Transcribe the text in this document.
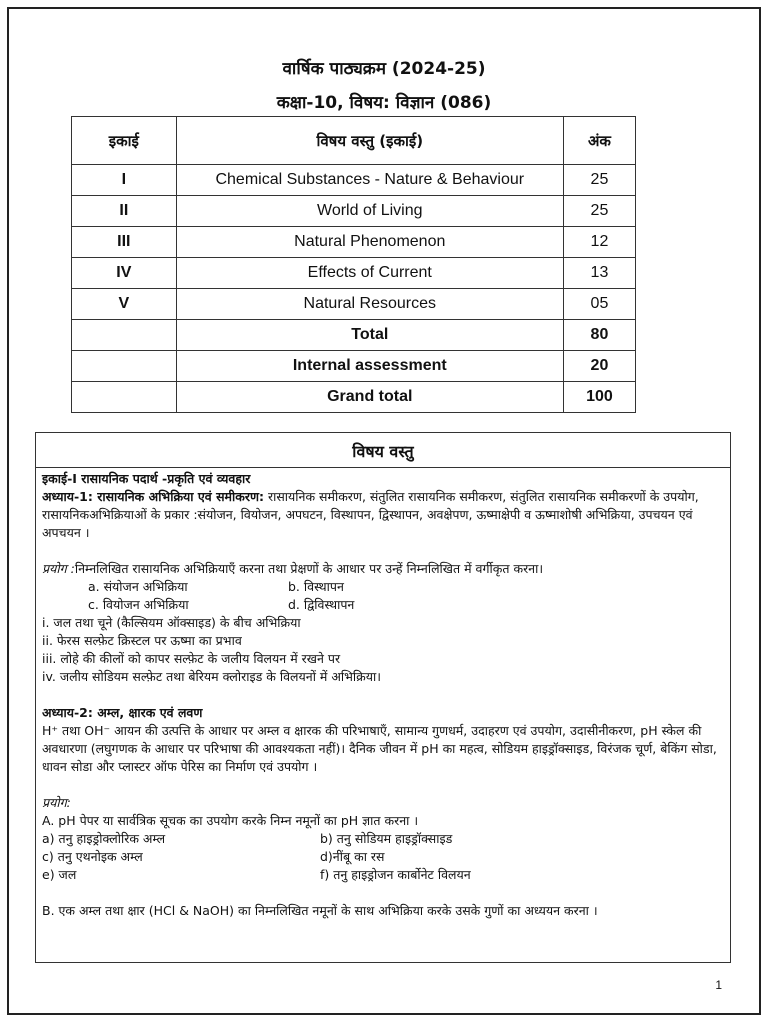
वार्षिक पाठ्यक्रम (2024-25)
कक्षा-10, विषय: विज्ञान (086)
इकाई	विषय वस्तु (इकाई)	अंक
I	Chemical Substances - Nature & Behaviour	25
II	World of Living	25
III	Natural Phenomenon	12
IV	Effects of Current	13
V	Natural Resources	05
	Total	80
	Internal assessment	20
	Grand total	100
विषय वस्तु

इकाई-I रासायनिक पदार्थ -प्रकृति एवं व्यवहार

अध्याय-1: रासायनिक अभिक्रिया एवं समीकरण: रासायनिक समीकरण, संतुलित रासायनिक समीकरण, संतुलित रासायनिक समीकरणों के उपयोग, रासायनिकअभिक्रियाओं के प्रकार :संयोजन, वियोजन, अपघटन, विस्थापन, द्विस्थापन, अवक्षेपण, ऊष्माक्षेपी व ऊष्माशोषी अभिक्रिया, उपचयन एवं अपचयन ।

प्रयोग :निम्नलिखित रासायनिक अभिक्रियाएँ करना तथा प्रेक्षणों के आधार पर उन्हें निम्नलिखित में वर्गीकृत करना।

a. संयोजन अभिक्रिया	b. विस्थापन
c. वियोजन अभिक्रिया	d. द्विविस्थापन

i. जल तथा चूने (कैल्सियम ऑक्साइड) के बीच अभिक्रिया

ii. फेरस सल्फ़ेट क्रिस्टल पर ऊष्मा का प्रभाव

iii. लोहे की कीलों को कापर सल्फ़ेट के जलीय विलयन में रखने पर

iv. जलीय सोडियम सल्फ़ेट तथा बेरियम क्लोराइड के विलयनों में अभिक्रिया।

अध्याय-2: अम्ल, क्षारक एवं लवण

H⁺ तथा OH⁻ आयन की उत्पत्ति के आधार पर अम्ल व क्षारक की परिभाषाएँ, सामान्य गुणधर्म, उदाहरण एवं उपयोग, उदासीनीकरण, pH स्केल की अवधारणा (लघुगणक के आधार पर परिभाषा की आवश्यकता नहीं)। दैनिक जीवन में pH का महत्व, सोडियम हाइड्रॉक्साइड, विरंजक चूर्ण, बेकिंग सोडा, धावन सोडा और प्लास्टर ऑफ पेरिस का निर्माण एवं उपयोग ।

प्रयोग:

A. pH पेपर या सार्वत्रिक सूचक का उपयोग करके निम्न नमूनों का pH ज्ञात करना ।

a) तनु हाइड्रोक्लोरिक अम्ल	b) तनु सोडियम हाइड्रॉक्साइड
c) तनु एथनोइक अम्ल	d)नींबू का रस
e) जल	f) तनु हाइड्रोजन कार्बोनेट विलयन

B. एक अम्ल तथा क्षार (HCl & NaOH) का निम्नलिखित नमूनों के साथ अभिक्रिया करके उसके गुणों का अध्ययन करना ।

1
